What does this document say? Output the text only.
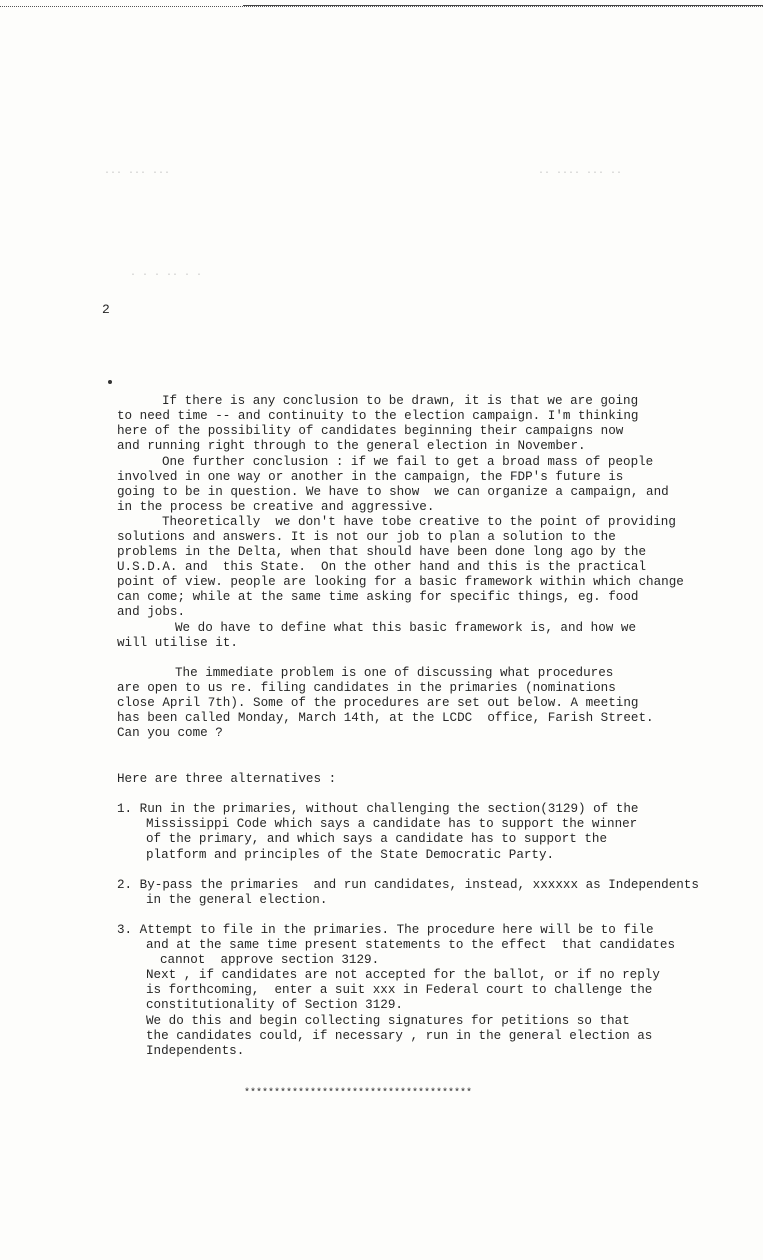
··· ··· ···	·· ···· ··· ··
· · · ·· · ·
2
If there is any conclusion to be drawn, it is that we are going
to need time -- and continuity to the election campaign. I'm thinking
here of the possibility of candidates beginning their campaigns now
and running right through to the general election in November.
One further conclusion : if we fail to get a broad mass of people
involved in one way or another in the campaign, the FDP's future is
going to be in question. We have to show  we can organize a campaign, and
in the process be creative and aggressive.
Theoretically  we don't have tobe creative to the point of providing
solutions and answers. It is not our job to plan a solution to the
problems in the Delta, when that should have been done long ago by the
U.S.D.A. and  this State.  On the other hand and this is the practical
point of view. people are looking for a basic framework within which change
can come; while at the same time asking for specific things, eg. food
and jobs.
We do have to define what this basic framework is, and how we
will utilise it.
The immediate problem is one of discussing what procedures
are open to us re. filing candidates in the primaries (nominations
close April 7th). Some of the procedures are set out below. A meeting
has been called Monday, March 14th, at the LCDC  office, Farish Street.
Can you come ?
Here are three alternatives :
1. Run in the primaries, without challenging the section(3129) of the
Mississippi Code which says a candidate has to support the winner
of the primary, and which says a candidate has to support the
platform and principles of the State Democratic Party.
2. By-pass the primaries  and run candidates, instead, xxxxxx as Independents
in the general election.
3. Attempt to file in the primaries. The procedure here will be to file
and at the same time present statements to the effect  that candidates
cannot  approve section 3129.
Next , if candidates are not accepted for the ballot, or if no reply
is forthcoming,  enter a suit xxx in Federal court to challenge the
constitutionality of Section 3129.
We do this and begin collecting signatures for petitions so that
the candidates could, if necessary , run in the general election as
Independents.
**************************************
